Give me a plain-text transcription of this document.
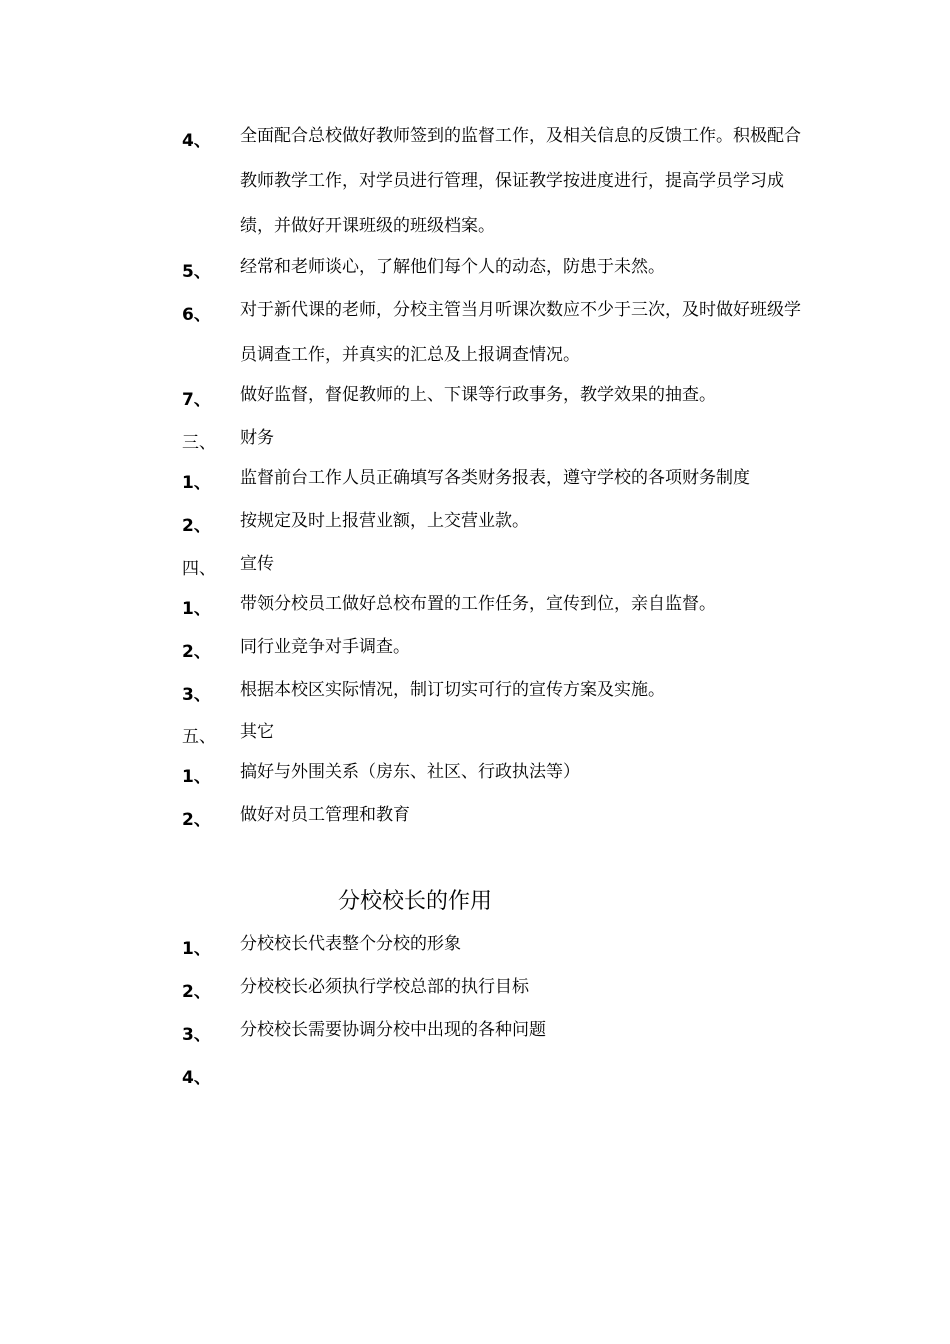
4、 全面配合总校做好教师签到的监督工作，及相关信息的反馈工作。积极配合教师教学工作，对学员进行管理，保证教学按进度进行，提高学员学习成绩，并做好开课班级的班级档案。
5、 经常和老师谈心，了解他们每个人的动态，防患于未然。
6、 对于新代课的老师，分校主管当月听课次数应不少于三次，及时做好班级学员调查工作，并真实的汇总及上报调查情况。
7、 做好监督，督促教师的上、下课等行政事务，教学效果的抽查。
三、 财务
1、 监督前台工作人员正确填写各类财务报表，遵守学校的各项财务制度
2、 按规定及时上报营业额，上交营业款。
四、 宣传
1、 带领分校员工做好总校布置的工作任务，宣传到位，亲自监督。
2、 同行业竞争对手调查。
3、 根据本校区实际情况，制订切实可行的宣传方案及实施。
五、 其它
1、 搞好与外围关系（房东、社区、行政执法等）
2、 做好对员工管理和教育
分校校长的作用
1、 分校校长代表整个分校的形象
2、 分校校长必须执行学校总部的执行目标
3、 分校校长需要协调分校中出现的各种问题
4、
